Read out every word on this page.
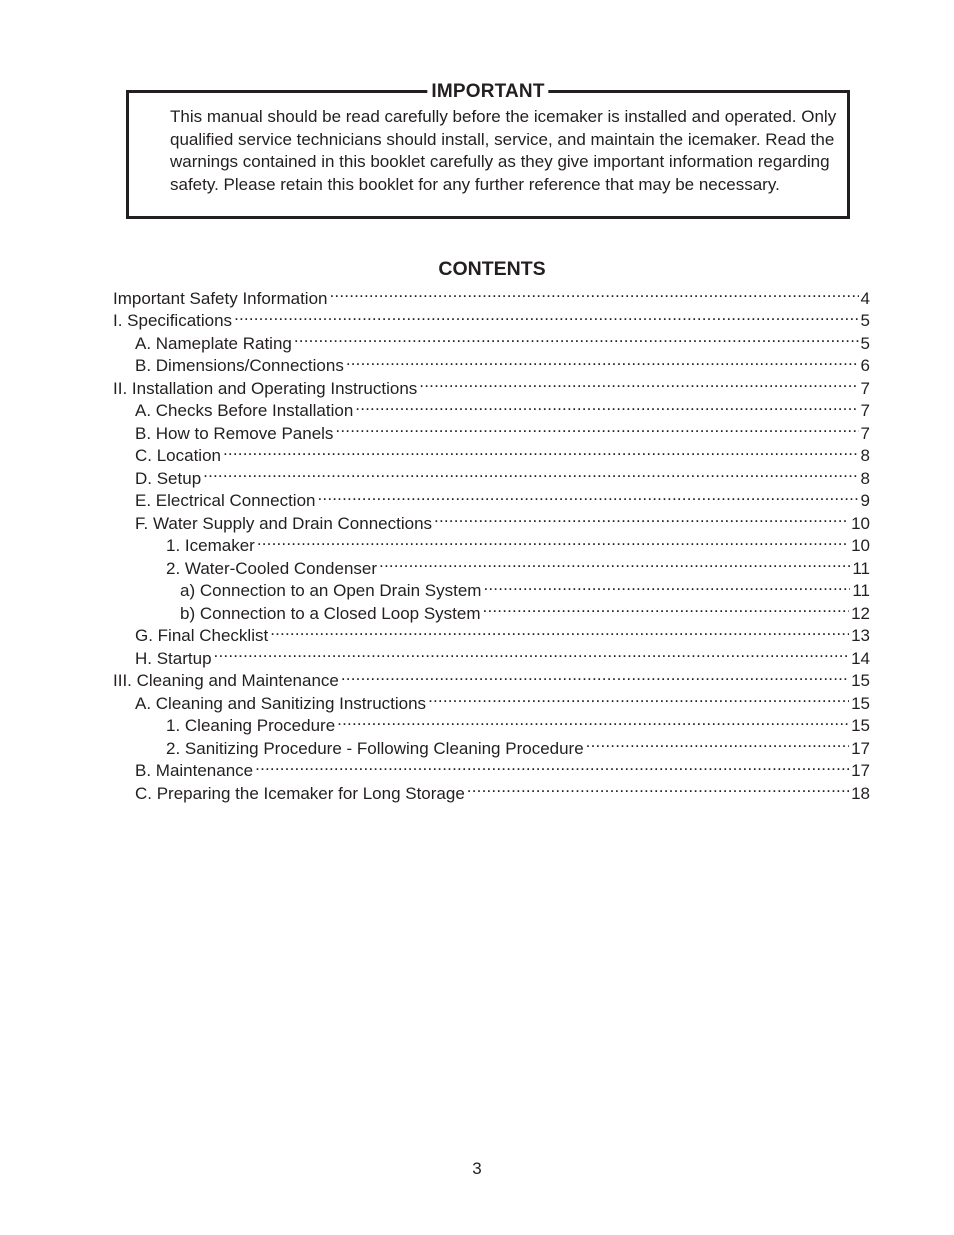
IMPORTANT

This manual should be read carefully before the icemaker is installed and operated. Only qualified service technicians should install, service, and maintain the icemaker. Read the warnings contained in this booklet carefully as they give important information regarding safety. Please retain this booklet for any further reference that may be necessary.

CONTENTS
Important Safety Information .....	4
I. Specifications .....	5
A. Nameplate Rating .....	5
B. Dimensions/Connections .....	6
II. Installation and Operating Instructions .....	7
A. Checks Before Installation .....	7
B. How to Remove Panels .....	7
C. Location .....	8
D. Setup .....	8
E. Electrical Connection .....	9
F. Water Supply and Drain Connections .....	10
1. Icemaker .....	10
2. Water-Cooled Condenser .....	11
a) Connection to an Open Drain System .....	11
b) Connection to a Closed Loop System .....	12
G. Final Checklist .....	13
H. Startup .....	14
III. Cleaning and Maintenance .....	15
A. Cleaning and Sanitizing Instructions .....	15
1. Cleaning Procedure .....	15
2. Sanitizing Procedure - Following Cleaning Procedure .....	17
B. Maintenance .....	17
C. Preparing the Icemaker for Long Storage .....	18

3
